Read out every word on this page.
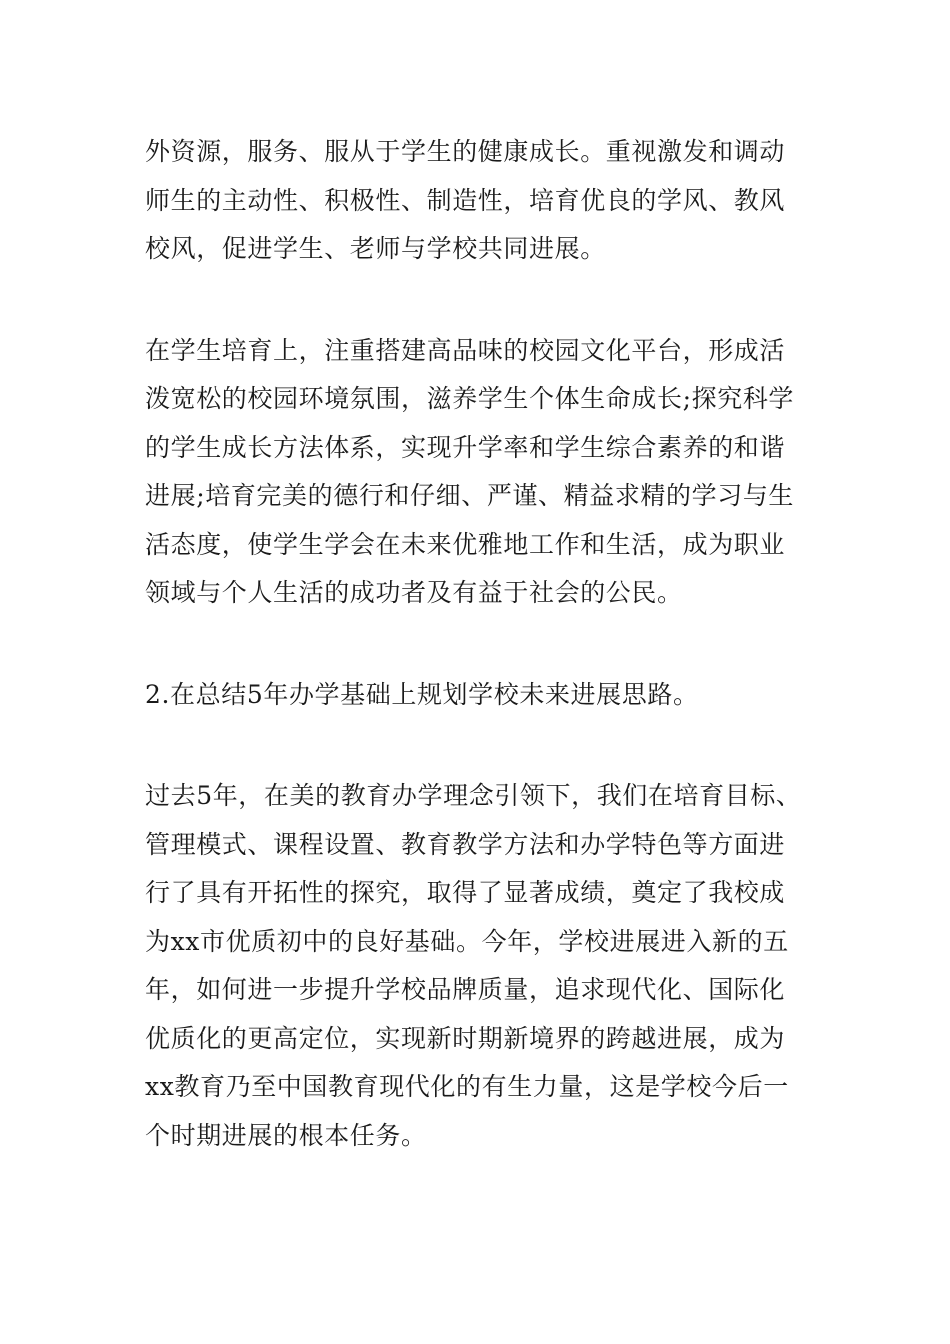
外资源，服务、服从于学生的健康成长。重视激发和调动
师生的主动性、积极性、制造性，培育优良的学风、教风
校风，促进学生、老师与学校共同进展。
在学生培育上，注重搭建高品味的校园文化平台，形成活
泼宽松的校园环境氛围，滋养学生个体生命成长;探究科学
的学生成长方法体系，实现升学率和学生综合素养的和谐
进展;培育完美的德行和仔细、严谨、精益求精的学习与生
活态度，使学生学会在未来优雅地工作和生活，成为职业
领域与个人生活的成功者及有益于社会的公民。
2.在总结5年办学基础上规划学校未来进展思路。
过去5年，在美的教育办学理念引领下，我们在培育目标、
管理模式、课程设置、教育教学方法和办学特色等方面进
行了具有开拓性的探究，取得了显著成绩，奠定了我校成
为xx市优质初中的良好基础。今年，学校进展进入新的五
年，如何进一步提升学校品牌质量，追求现代化、国际化
优质化的更高定位，实现新时期新境界的跨越进展，成为
xx教育乃至中国教育现代化的有生力量，这是学校今后一
个时期进展的根本任务。
